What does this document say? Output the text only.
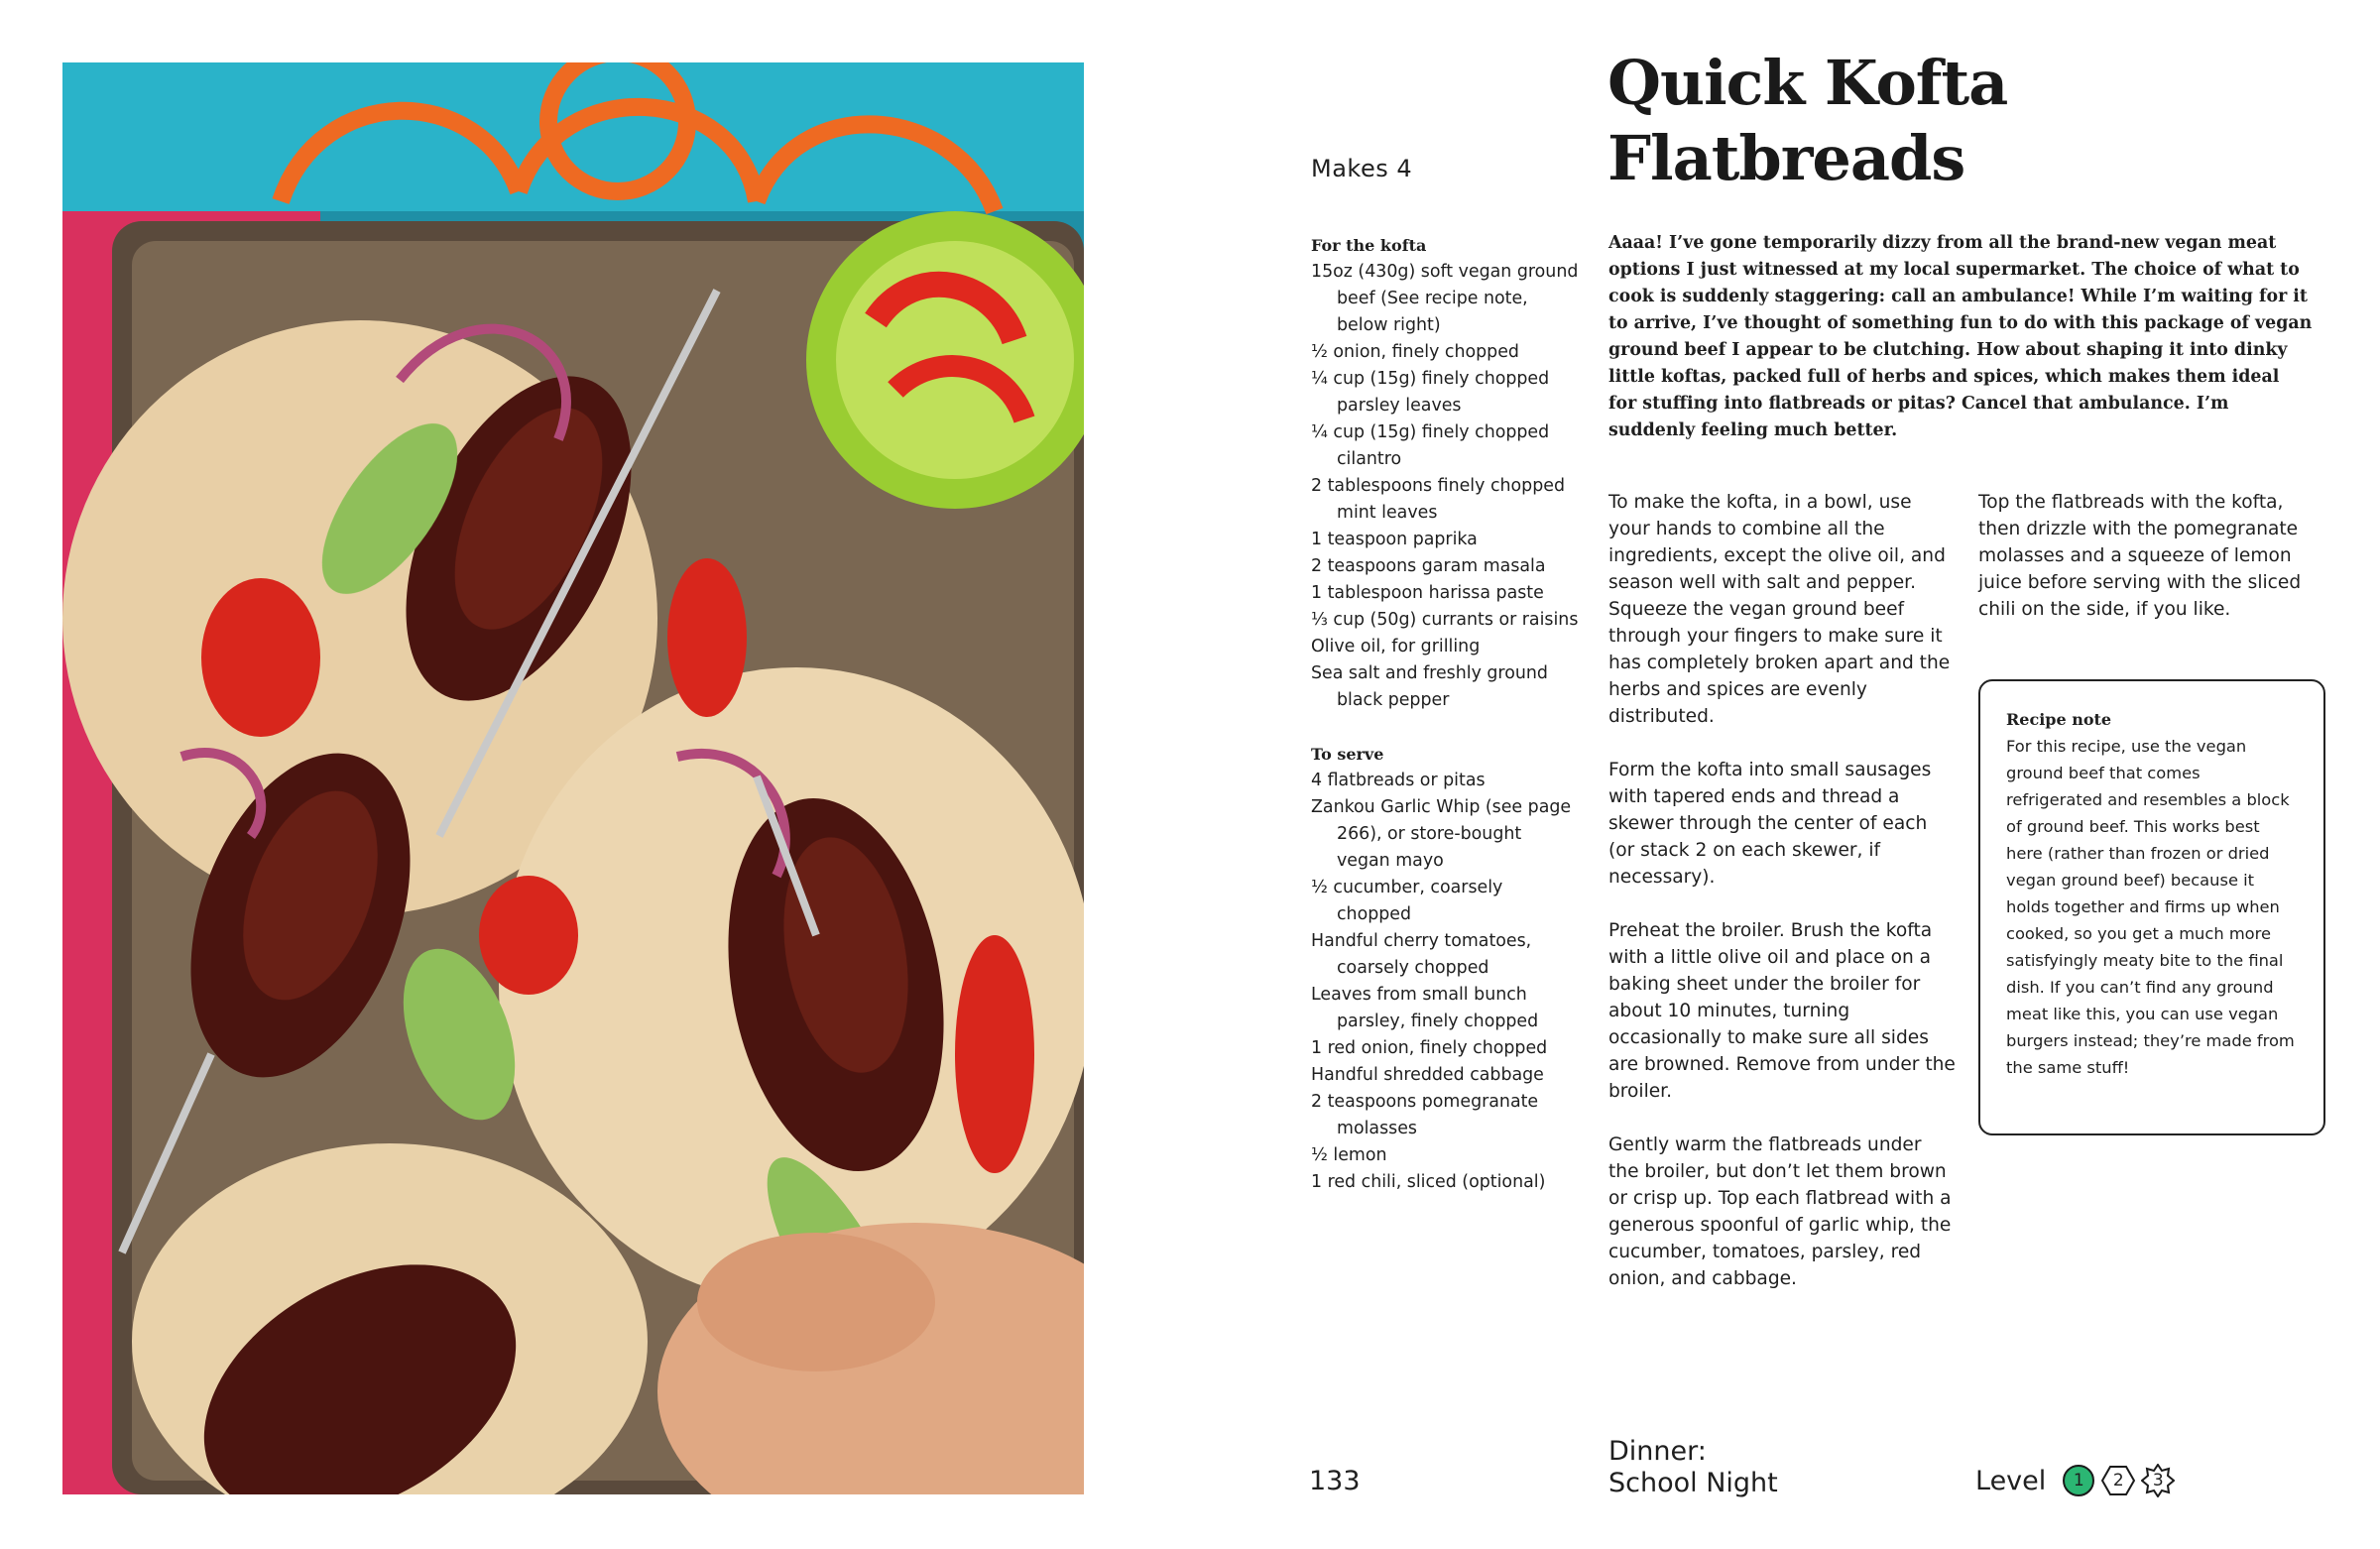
Makes 4
Quick Kofta
Flatbreads
For the kofta
15oz (430g) soft vegan ground beef (See recipe note, below right)
½ onion, finely chopped
¼ cup (15g) finely chopped parsley leaves
¼ cup (15g) finely chopped cilantro
2 tablespoons finely chopped mint leaves
1 teaspoon paprika
2 teaspoons garam masala
1 tablespoon harissa paste
⅓ cup (50g) currants or raisins
Olive oil, for grilling
Sea salt and freshly ground black pepper
To serve
4 flatbreads or pitas
Zankou Garlic Whip (see page 266), or store-bought vegan mayo
½ cucumber, coarsely chopped
Handful cherry tomatoes, coarsely chopped
Leaves from small bunch parsley, finely chopped
1 red onion, finely chopped
Handful shredded cabbage
2 teaspoons pomegranate molasses
½ lemon
1 red chili, sliced (optional)

Aaaa! I’ve gone temporarily dizzy from all the brand-new vegan meat options I just witnessed at my local supermarket. The choice of what to cook is suddenly staggering: call an ambulance! While I’m waiting for it to arrive, I’ve thought of something fun to do with this package of vegan ground beef I appear to be clutching. How about shaping it into dinky little koftas, packed full of herbs and spices, which makes them ideal for stuffing into flatbreads or pitas? Cancel that ambulance. I’m suddenly feeling much better.

To make the kofta, in a bowl, use your hands to combine all the ingredients, except the olive oil, and season well with salt and pepper. Squeeze the vegan ground beef through your fingers to make sure it has completely broken apart and the herbs and spices are evenly distributed.

Form the kofta into small sausages with tapered ends and thread a skewer through the center of each (or stack 2 on each skewer, if necessary).

Preheat the broiler. Brush the kofta with a little olive oil and place on a baking sheet under the broiler for about 10 minutes, turning occasionally to make sure all sides are browned. Remove from under the broiler.

Gently warm the flatbreads under the broiler, but don’t let them brown or crisp up. Top each flatbread with a generous spoonful of garlic whip, the cucumber, tomatoes, parsley, red onion, and cabbage.

Top the flatbreads with the kofta, then drizzle with the pomegranate molasses and a squeeze of lemon juice before serving with the sliced chili on the side, if you like.

Recipe note
For this recipe, use the vegan ground beef that comes refrigerated and resembles a block of ground beef. This works best here (rather than frozen or dried vegan ground beef) because it holds together and firms up when cooked, so you get a much more satisfyingly meaty bite to the final dish. If you can’t find any ground meat like this, you can use vegan burgers instead; they’re made from the same stuff!
133
Dinner:
School Night	Level 1 2 3
